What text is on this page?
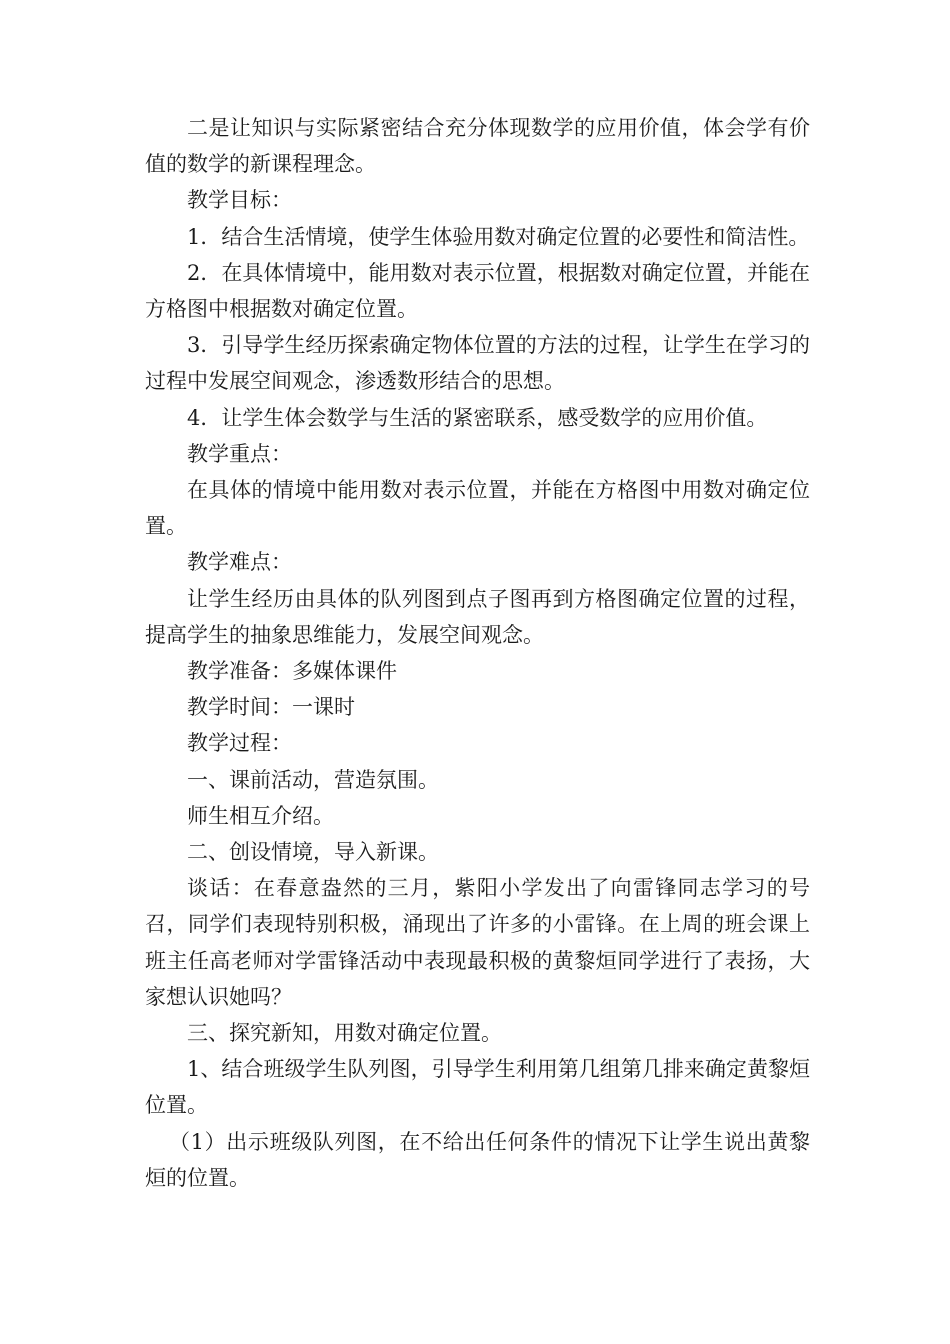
二是让知识与实际紧密结合充分体现数学的应用价值，体会学有价值的数学的新课程理念。

教学目标：

1．结合生活情境，使学生体验用数对确定位置的必要性和简洁性。

2．在具体情境中，能用数对表示位置，根据数对确定位置，并能在方格图中根据数对确定位置。

3．引导学生经历探索确定物体位置的方法的过程，让学生在学习的过程中发展空间观念，渗透数形结合的思想。

4．让学生体会数学与生活的紧密联系，感受数学的应用价值。

教学重点：

在具体的情境中能用数对表示位置，并能在方格图中用数对确定位置。

教学难点：

让学生经历由具体的队列图到点子图再到方格图确定位置的过程，提高学生的抽象思维能力，发展空间观念。

教学准备：多媒体课件

教学时间：一课时

教学过程：

一、课前活动，营造氛围。

师生相互介绍。

二、创设情境，导入新课。

谈话：在春意盎然的三月，紫阳小学发出了向雷锋同志学习的号召，同学们表现特别积极，涌现出了许多的小雷锋。在上周的班会课上班主任高老师对学雷锋活动中表现最积极的黄黎烜同学进行了表扬，大家想认识她吗？

三、探究新知，用数对确定位置。

1、结合班级学生队列图，引导学生利用第几组第几排来确定黄黎烜位置。

（1）出示班级队列图，在不给出任何条件的情况下让学生说出黄黎烜的位置。
